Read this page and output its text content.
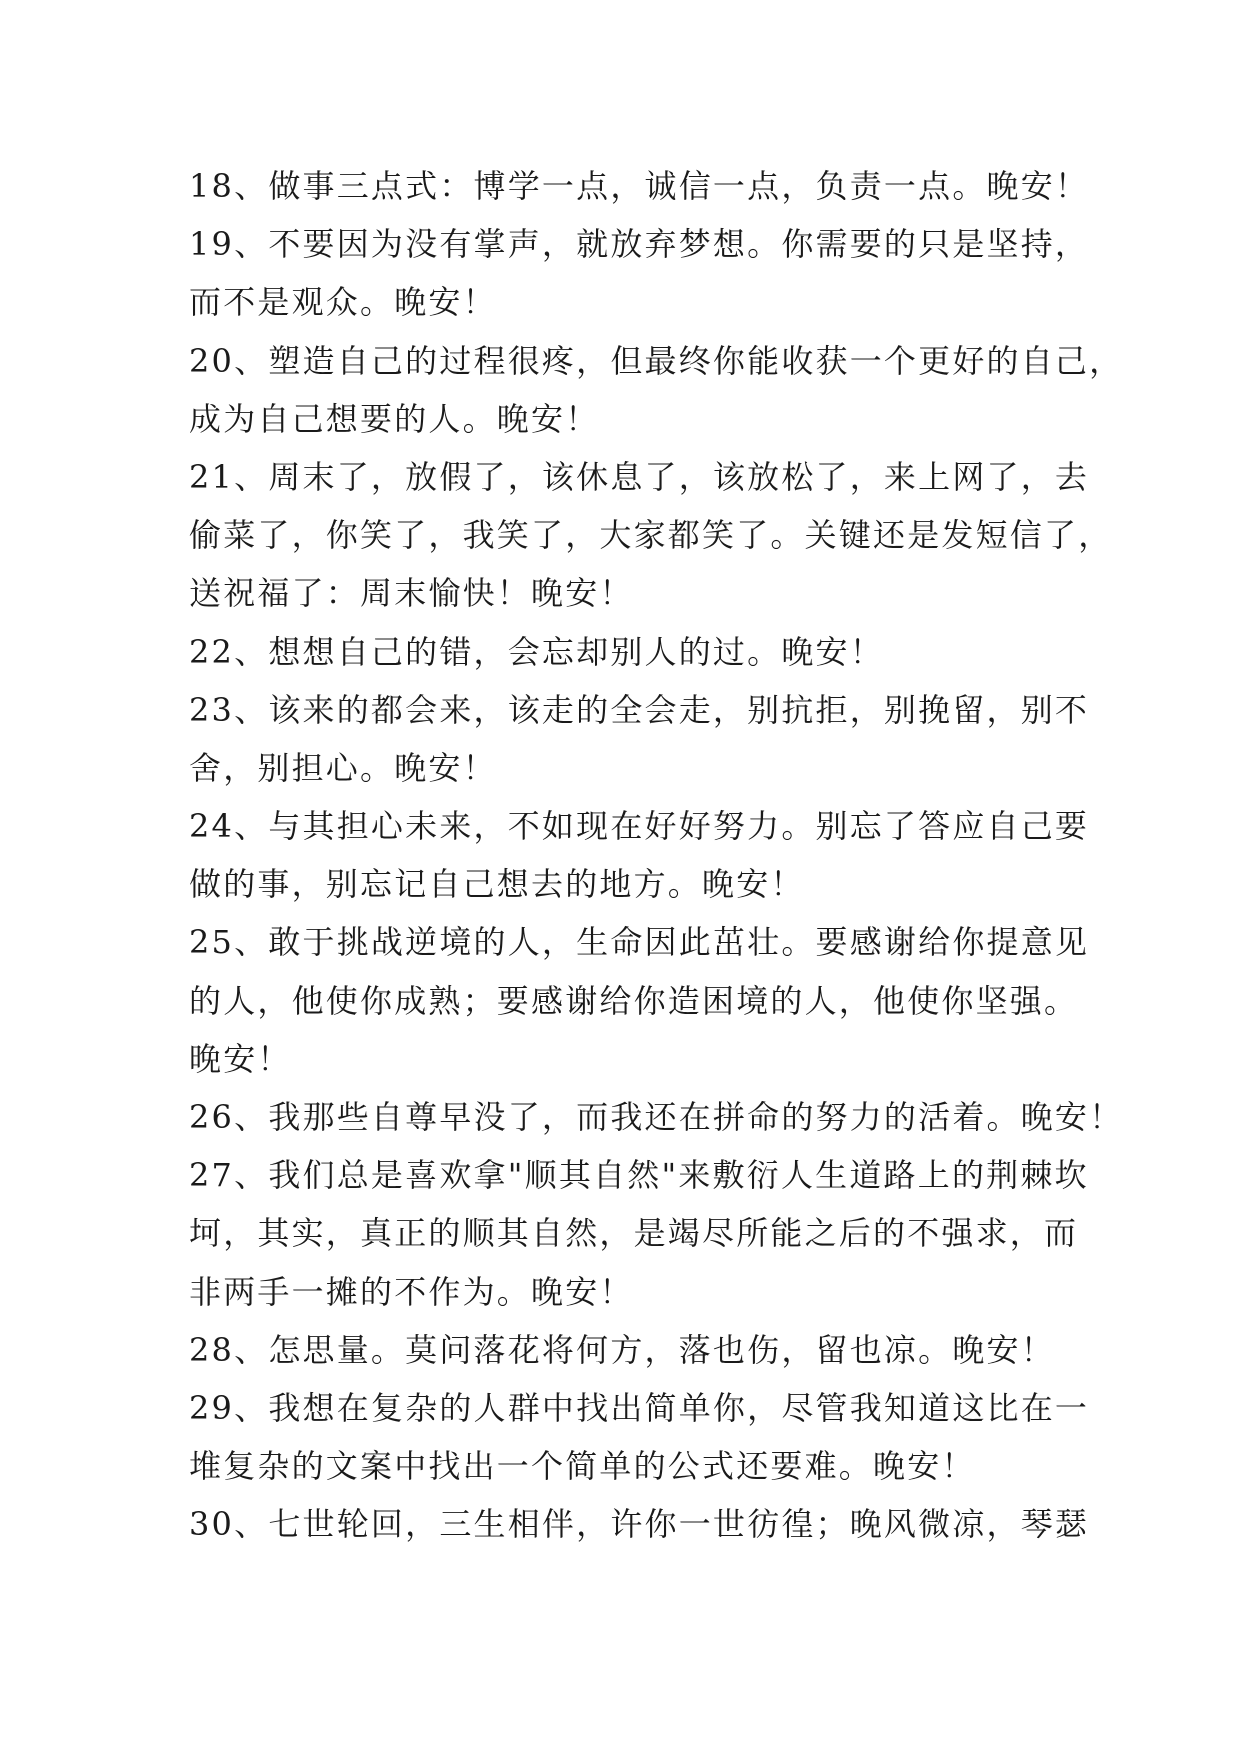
18、做事三点式：博学一点，诚信一点，负责一点。晚安！
19、不要因为没有掌声，就放弃梦想。你需要的只是坚持，
而不是观众。晚安！
20、塑造自己的过程很疼，但最终你能收获一个更好的自己，
成为自己想要的人。晚安！
21、周末了，放假了，该休息了，该放松了，来上网了，去
偷菜了，你笑了，我笑了，大家都笑了。关键还是发短信了，
送祝福了：周末愉快！晚安！
22、想想自己的错，会忘却别人的过。晚安！
23、该来的都会来，该走的全会走，别抗拒，别挽留，别不
舍，别担心。晚安！
24、与其担心未来，不如现在好好努力。别忘了答应自己要
做的事，别忘记自己想去的地方。晚安！
25、敢于挑战逆境的人，生命因此茁壮。要感谢给你提意见
的人，他使你成熟；要感谢给你造困境的人，他使你坚强。
晚安！
26、我那些自尊早没了，而我还在拼命的努力的活着。晚安！
27、我们总是喜欢拿"顺其自然"来敷衍人生道路上的荆棘坎
坷，其实，真正的顺其自然，是竭尽所能之后的不强求，而
非两手一摊的不作为。晚安！
28、怎思量。莫问落花将何方，落也伤，留也凉。晚安！
29、我想在复杂的人群中找出简单你，尽管我知道这比在一
堆复杂的文案中找出一个简单的公式还要难。晚安！
30、七世轮回，三生相伴，许你一世彷徨；晚风微凉，琴瑟
